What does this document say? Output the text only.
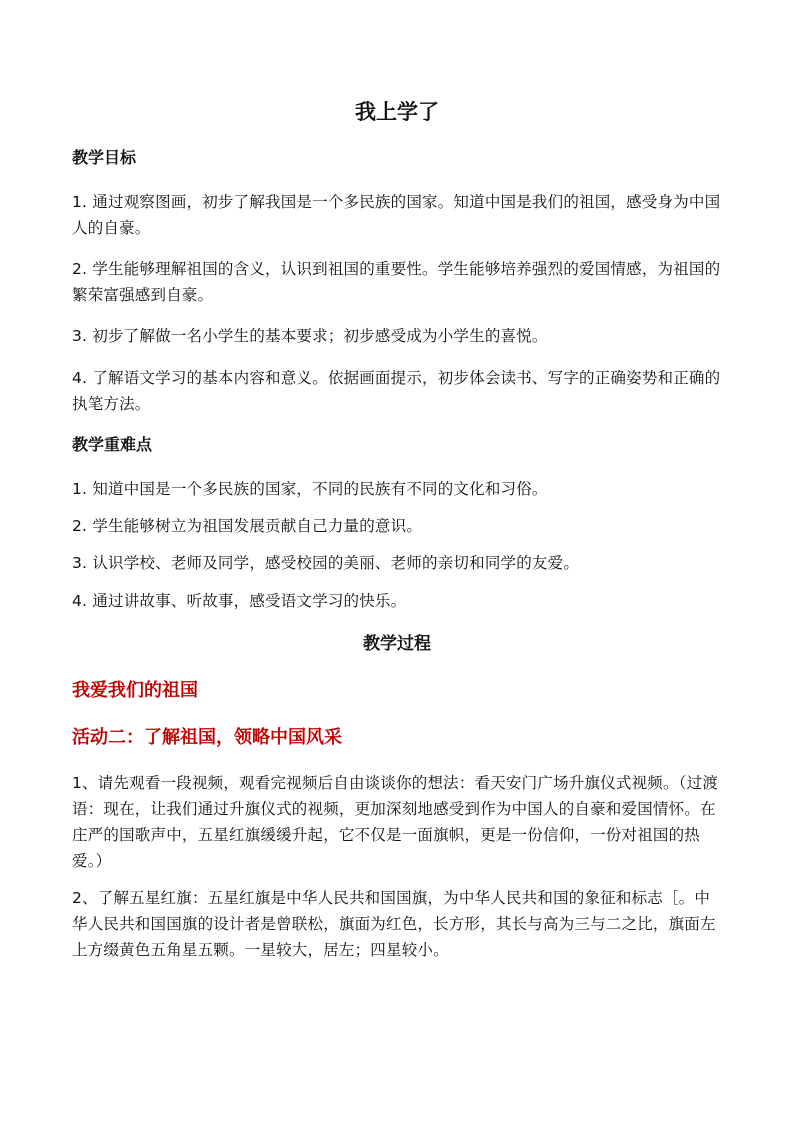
我上学了
教学目标
1. 通过观察图画，初步了解我国是一个多民族的国家。知道中国是我们的祖国，感受身为中国人的自豪。
2. 学生能够理解祖国的含义，认识到祖国的重要性。学生能够培养强烈的爱国情感，为祖国的繁荣富强感到自豪。
3. 初步了解做一名小学生的基本要求；初步感受成为小学生的喜悦。
4. 了解语文学习的基本内容和意义。依据画面提示，初步体会读书、写字的正确姿势和正确的执笔方法。
教学重难点
1. 知道中国是一个多民族的国家，不同的民族有不同的文化和习俗。
2. 学生能够树立为祖国发展贡献自己力量的意识。
3. 认识学校、老师及同学，感受校园的美丽、老师的亲切和同学的友爱。
4. 通过讲故事、听故事，感受语文学习的快乐。
教学过程
我爱我们的祖国
活动二：了解祖国，领略中国风采
1、请先观看一段视频，观看完视频后自由谈谈你的想法：看天安门广场升旗仪式视频。（过渡语：现在，让我们通过升旗仪式的视频，更加深刻地感受到作为中国人的自豪和爱国情怀。在庄严的国歌声中，五星红旗缓缓升起，它不仅是一面旗帜，更是一份信仰，一份对祖国的热爱。）
2、了解五星红旗：五星红旗是中华人民共和国国旗，为中华人民共和国的象征和标志［。中华人民共和国国旗的设计者是曾联松，旗面为红色，长方形，其长与高为三与二之比，旗面左上方缀黄色五角星五颗。一星较大，居左；四星较小。
